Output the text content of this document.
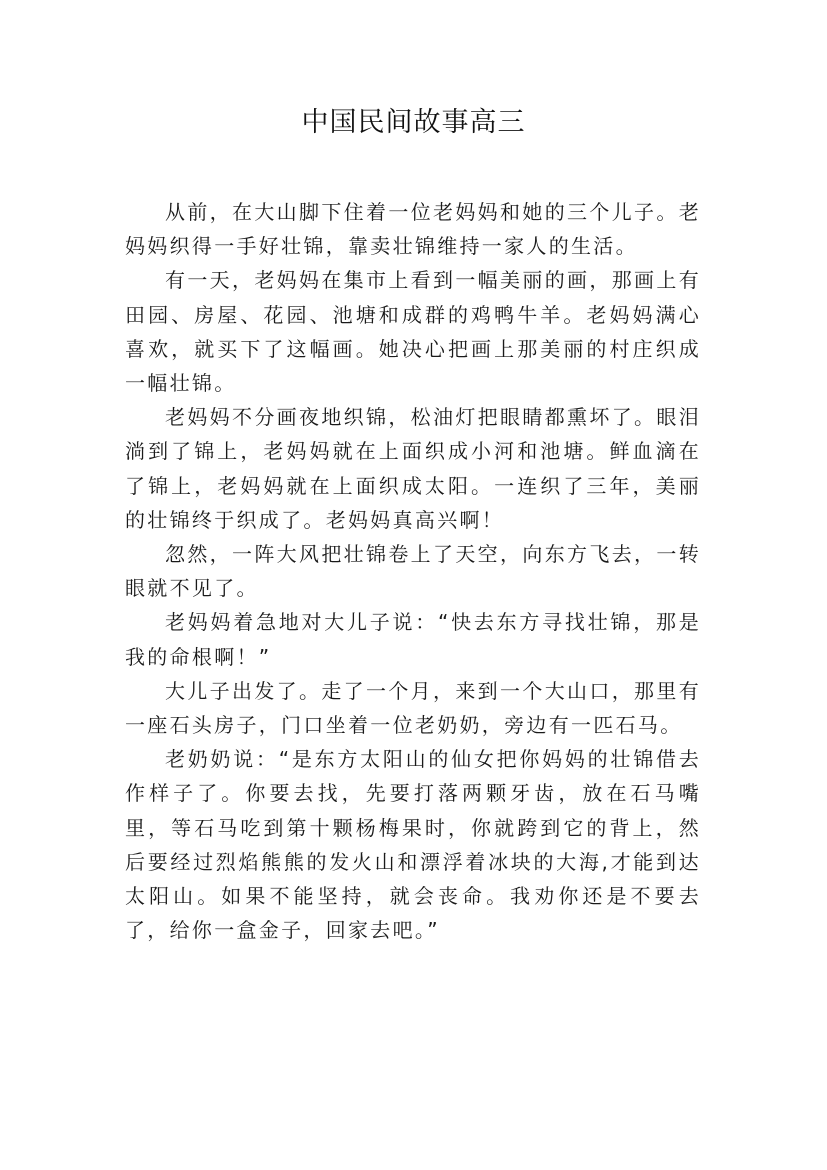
中国民间故事高三

从前，在大山脚下住着一位老妈妈和她的三个儿子。老妈妈织得一手好壮锦，靠卖壮锦维持一家人的生活。

有一天，老妈妈在集市上看到一幅美丽的画，那画上有田园、房屋、花园、池塘和成群的鸡鸭牛羊。老妈妈满心喜欢，就买下了这幅画。她决心把画上那美丽的村庄织成一幅壮锦。

老妈妈不分画夜地织锦，松油灯把眼睛都熏坏了。眼泪淌到了锦上，老妈妈就在上面织成小河和池塘。鲜血滴在了锦上，老妈妈就在上面织成太阳。一连织了三年，美丽的壮锦终于织成了。老妈妈真高兴啊！

忽然，一阵大风把壮锦卷上了天空，向东方飞去，一转眼就不见了。

老妈妈着急地对大儿子说：“快去东方寻找壮锦，那是我的命根啊！”

大儿子出发了。走了一个月，来到一个大山口，那里有一座石头房子，门口坐着一位老奶奶，旁边有一匹石马。

老奶奶说：“是东方太阳山的仙女把你妈妈的壮锦借去作样子了。你要去找，先要打落两颗牙齿，放在石马嘴里，等石马吃到第十颗杨梅果时，你就跨到它的背上，然后要经过烈焰熊熊的发火山和漂浮着冰块的大海,才能到达太阳山。如果不能坚持，就会丧命。我劝你还是不要去了，给你一盒金子，回家去吧。”
